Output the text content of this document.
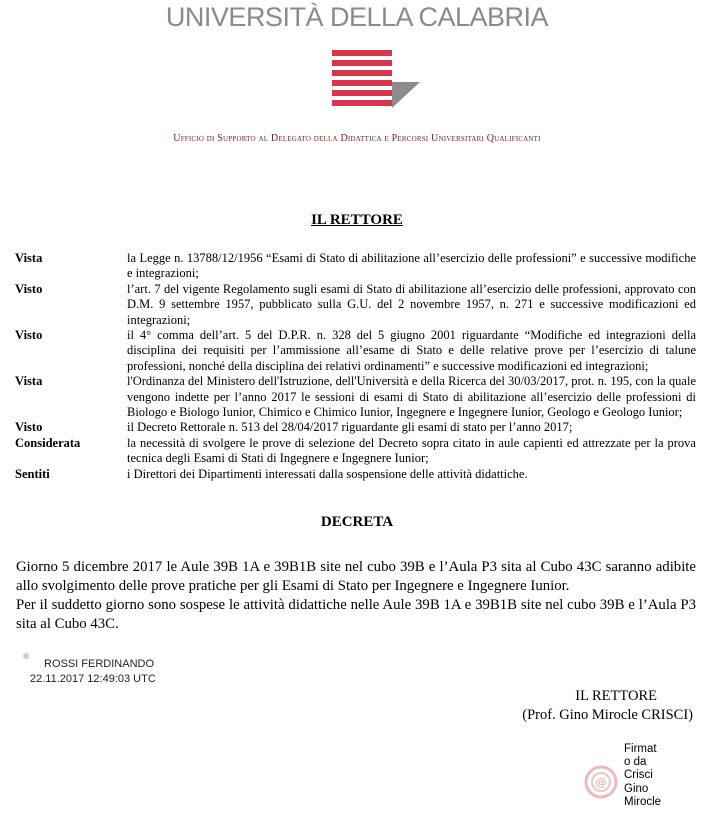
UNIVERSITÀ DELLA CALABRIA
Ufficio di Supporto al Delegato della Didattica e Percorsi Universitari Qualificanti
IL RETTORE
Vista	la Legge n. 13788/12/1956 “Esami di Stato di abilitazione all’esercizio delle professioni” e successive modifiche e integrazioni;
Visto	l’art. 7 del vigente Regolamento sugli esami di Stato di abilitazione all’esercizio delle professioni, approvato con D.M. 9 settembre 1957, pubblicato sulla G.U. del 2 novembre 1957, n. 271 e successive modificazioni ed integrazioni;
Visto	il 4° comma dell’art. 5 del D.P.R. n. 328 del 5 giugno 2001 riguardante “Modifiche ed integrazioni della disciplina dei requisiti per l’ammissione all’esame di Stato e delle relative prove per l’esercizio di talune professioni, nonché della disciplina dei relativi ordinamenti” e successive modificazioni ed integrazioni;
Vista	l'Ordinanza del Ministero dell'Istruzione, dell'Università e della Ricerca del 30/03/2017, prot. n. 195, con la quale vengono indette per l’anno 2017 le sessioni di esami di Stato di abilitazione all’esercizio delle professioni di Biologo e Biologo Iunior, Chimico e Chimico Iunior, Ingegnere e Ingegnere Iunior, Geologo e Geologo Iunior;
Visto	il Decreto Rettorale n. 513 del 28/04/2017 riguardante gli esami di stato per l’anno 2017;
Considerata	la necessità di svolgere le prove di selezione del Decreto sopra citato in aule capienti ed attrezzate per la prova tecnica degli Esami di Stati di Ingegnere e Ingegnere Iunior;
Sentiti	i Direttori dei Dipartimenti interessati dalla sospensione delle attività didattiche.
DECRETA

Giorno 5 dicembre 2017 le Aule 39B 1A e 39B1B site nel cubo 39B e l’Aula P3 sita al Cubo 43C saranno adibite allo svolgimento delle prove pratiche per gli Esami di Stato per Ingegnere e Ingegnere Iunior.

Per il suddetto giorno sono sospese le attività didattiche nelle Aule 39B 1A e 39B1B site nel cubo 39B e l’Aula P3 sita al Cubo 43C.

ROSSI FERDINANDO
22.11.2017 12:49:03 UTC
IL RETTORE
(Prof. Gino Mirocle CRISCI)
@
Firmat
o da
Crisci
Gino
Mirocle
